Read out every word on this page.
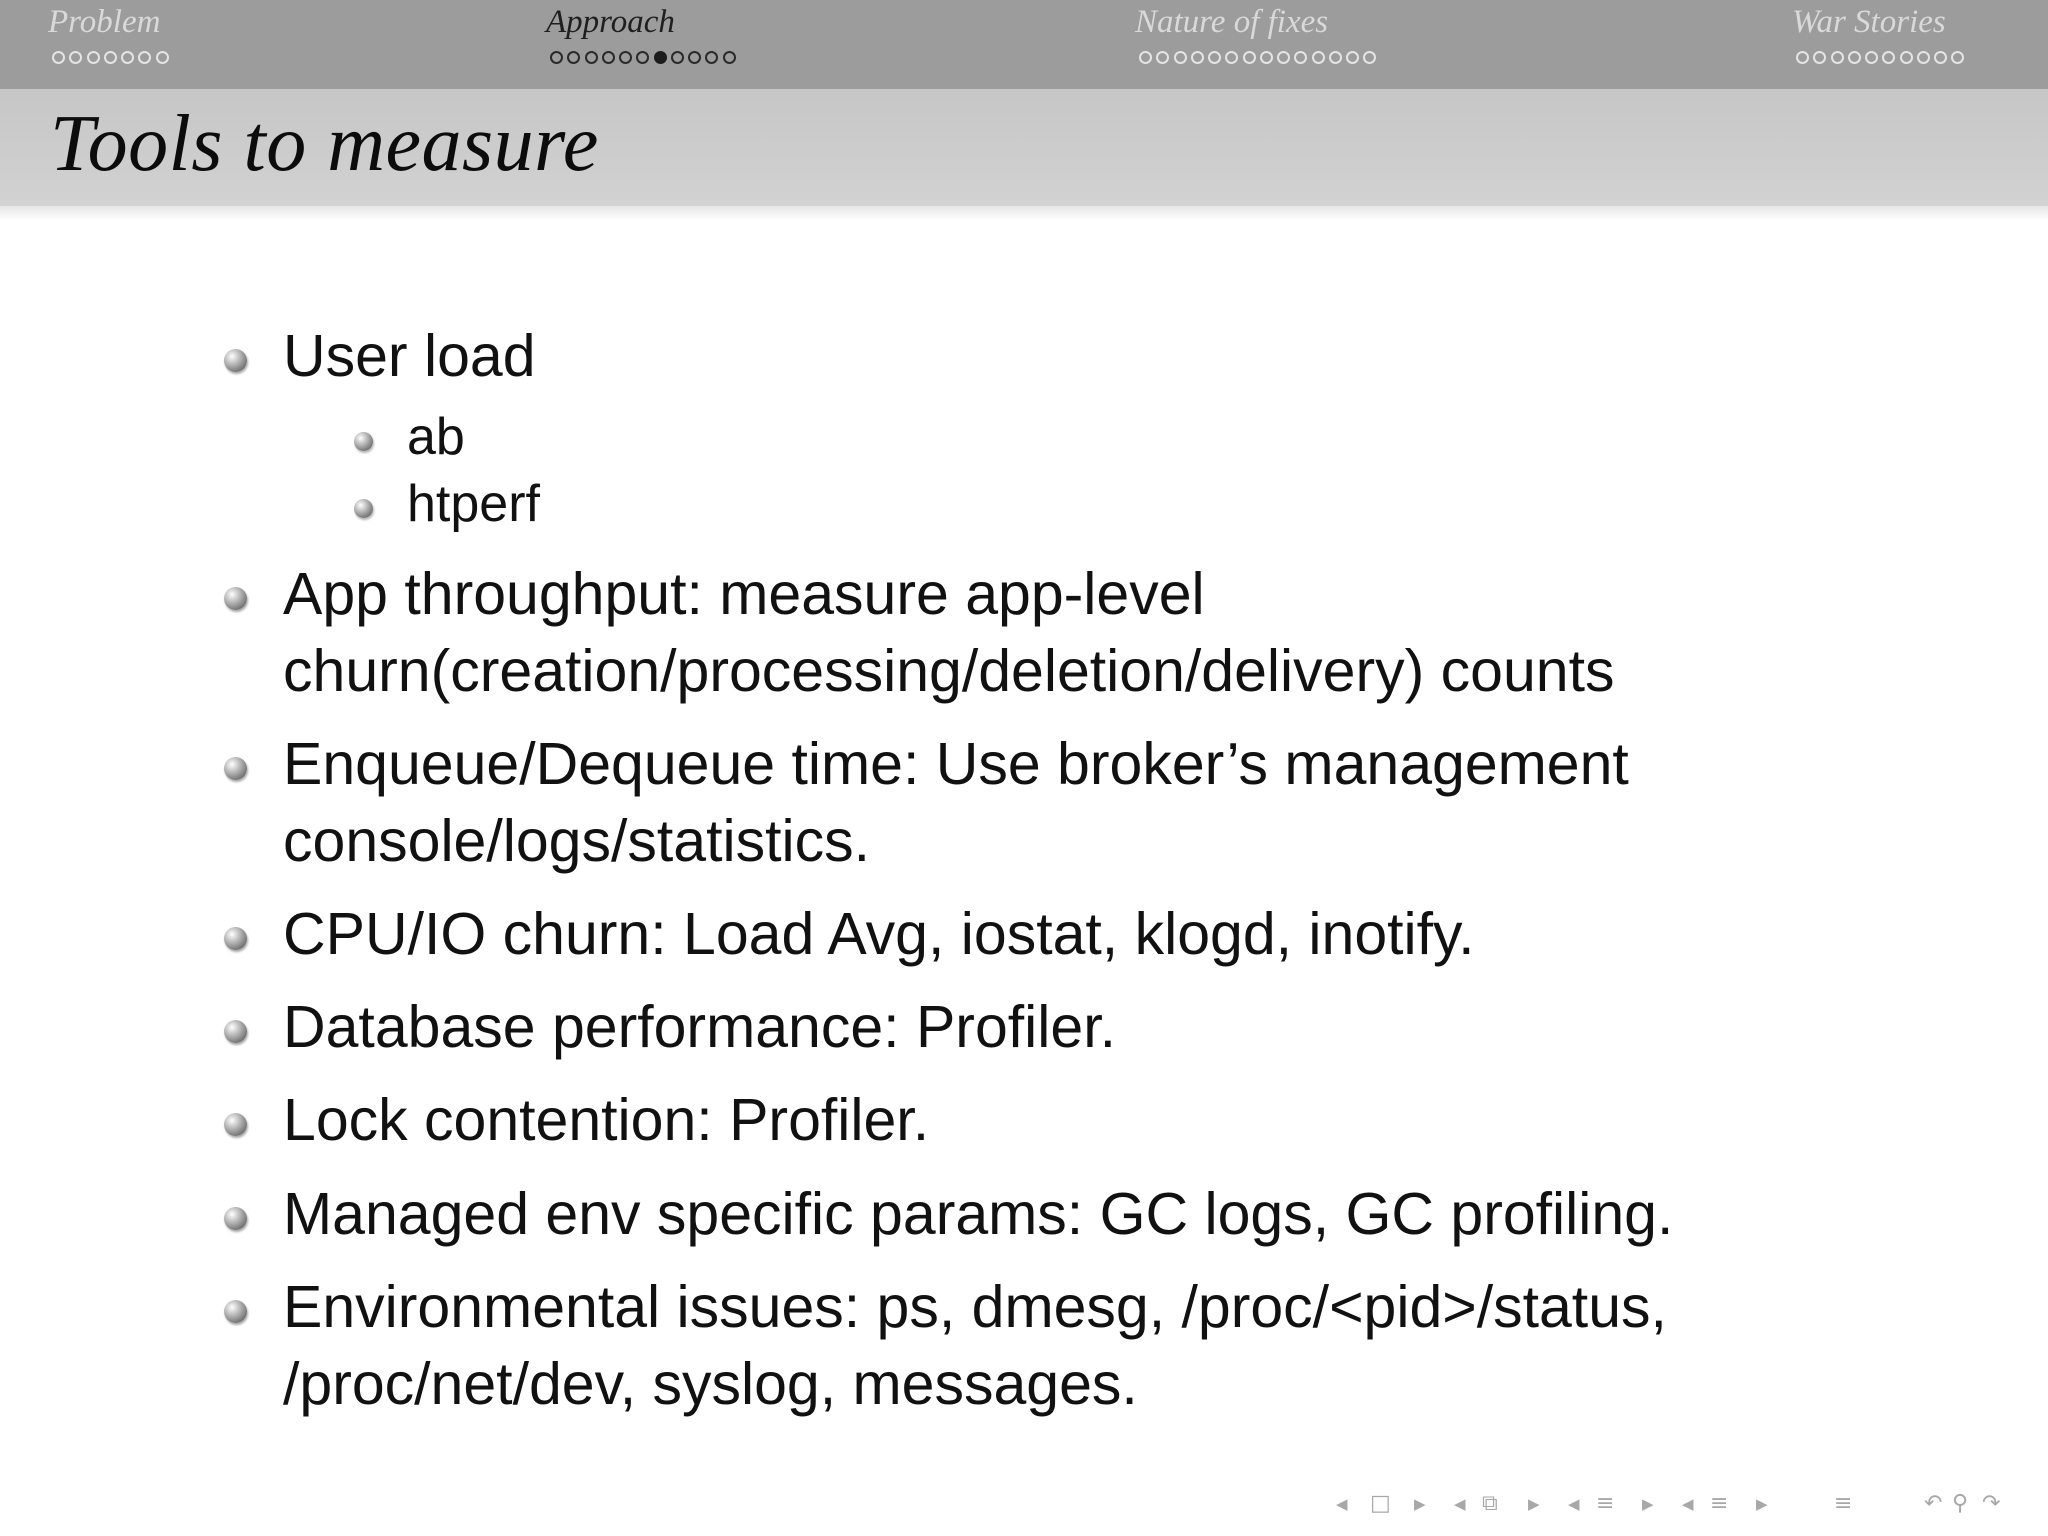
Problem	Approach	Nature of fixes	War Stories
Tools to measure
User load
ab
htperf
App throughput: measure app-level
churn(creation/processing/deletion/delivery) counts
Enqueue/Dequeue time: Use broker’s management
console/logs/statistics.
CPU/IO churn: Load Avg, iostat, klogd, inotify.
Database performance: Profiler.
Lock contention: Profiler.
Managed env specific params: GC logs, GC profiling.
Environmental issues: ps, dmesg, /proc/<pid>/status,
/proc/net/dev, syslog, messages.
◀ □ ▶ ◀ ⧉ ▶ ◀ ≡ ▶ ◀ ≡ ▶	≡	↶ ⚲ ↷
